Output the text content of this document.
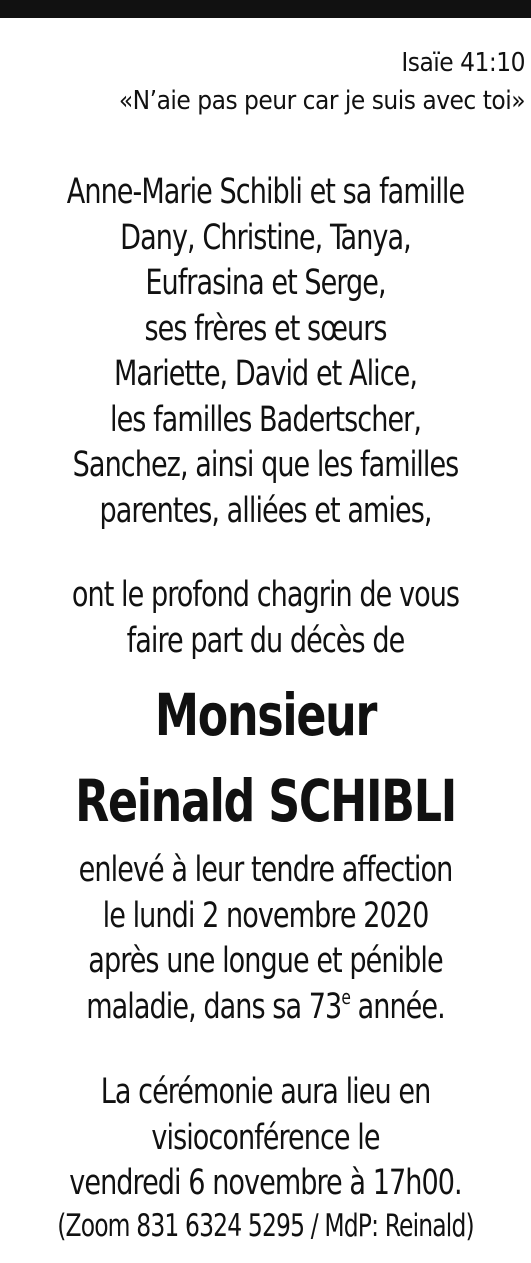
Isaïe 41:10
«N’aie pas peur car je suis avec toi»
Anne-Marie Schibli et sa famille
Dany, Christine, Tanya,
Eufrasina et Serge,
ses frères et sœurs
Mariette, David et Alice,
les familles Badertscher,
Sanchez, ainsi que les familles
parentes, alliées et amies,
ont le profond chagrin de vous
faire part du décès de
Monsieur
Reinald SCHIBLI
enlevé à leur tendre affection
le lundi 2 novembre 2020
après une longue et pénible
maladie, dans sa 73e année.
La cérémonie aura lieu en
visioconférence le
vendredi 6 novembre à 17h00.
(Zoom 831 6324 5295 / MdP: Reinald)
